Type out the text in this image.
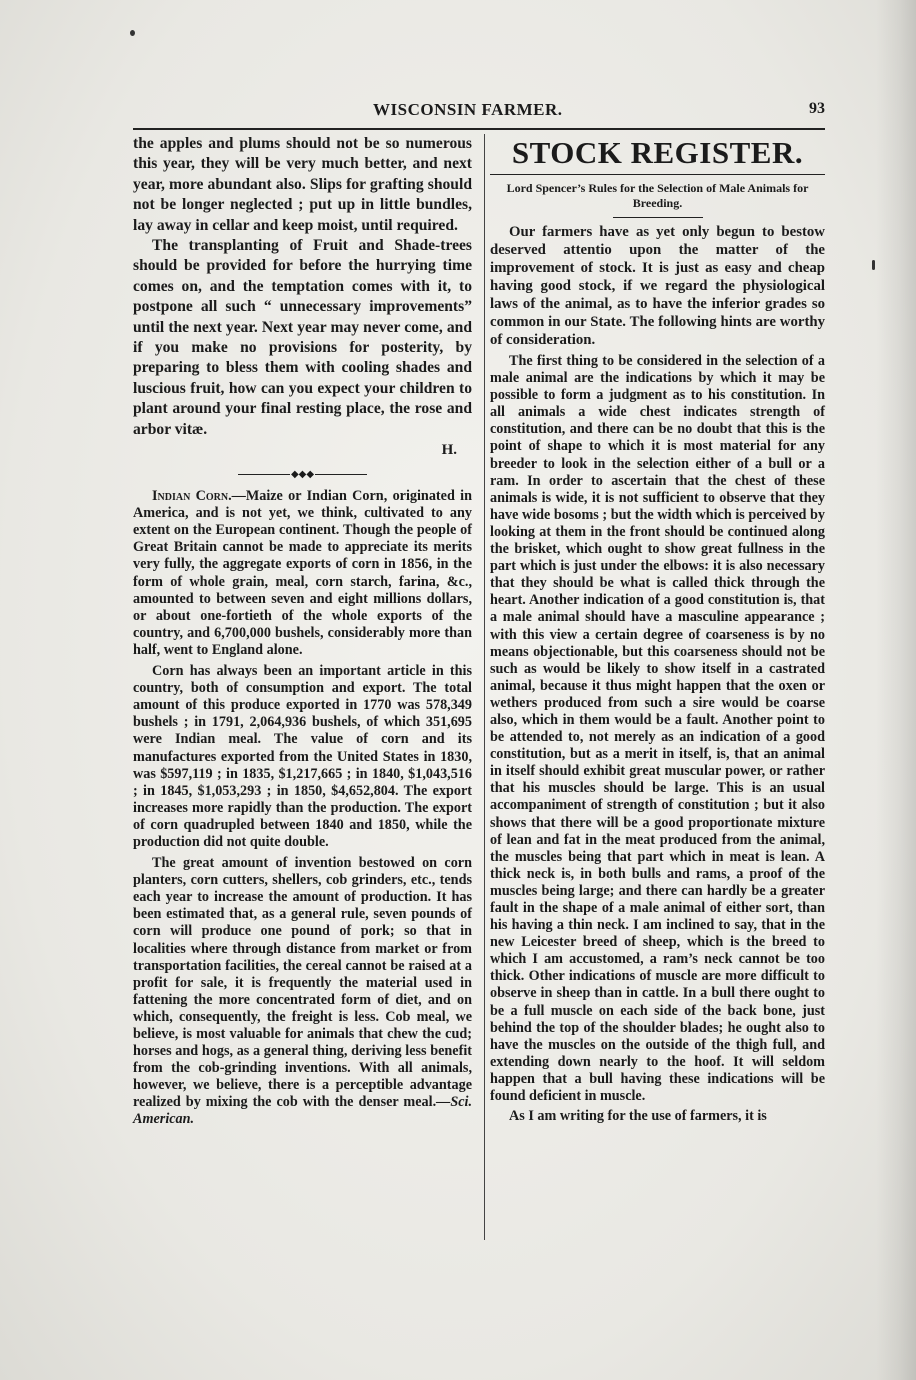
WISCONSIN FARMER.	93

the apples and plums should not be so numerous this year, they will be very much better, and next year, more abundant also. Slips for grafting should not be longer neglected ; put up in little bundles, lay away in cellar and keep moist, until required.

The transplanting of Fruit and Shade-trees should be provided for before the hurrying time comes on, and the temptation comes with it, to postpone all such “ unnecessary improvements” until the next year. Next year may never come, and if you make no provisions for posterity, by preparing to bless them with cooling shades and luscious fruit, how can you expect your children to plant around your final resting place, the rose and arbor vitæ.

H.

◆◆◆

Indian Corn.—Maize or Indian Corn, originated in America, and is not yet, we think, cultivated to any extent on the European continent. Though the people of Great Britain cannot be made to appreciate its merits very fully, the aggregate exports of corn in 1856, in the form of whole grain, meal, corn starch, farina, &c., amounted to between seven and eight millions dollars, or about one-fortieth of the whole exports of the country, and 6,700,000 bushels, considerably more than half, went to England alone.

Corn has always been an important article in this country, both of consumption and export. The total amount of this produce exported in 1770 was 578,349 bushels ; in 1791, 2,064,936 bushels, of which 351,695 were Indian meal. The value of corn and its manufactures exported from the United States in 1830, was $597,119 ; in 1835, $1,217,665 ; in 1840, $1,043,516 ; in 1845, $1,053,293 ; in 1850, $4,652,804. The export increases more rapidly than the production. The export of corn quadrupled between 1840 and 1850, while the production did not quite double.

The great amount of invention bestowed on corn planters, corn cutters, shellers, cob grinders, etc., tends each year to increase the amount of production. It has been estimated that, as a general rule, seven pounds of corn will produce one pound of pork; so that in localities where through distance from market or from transportation facilities, the cereal cannot be raised at a profit for sale, it is frequently the material used in fattening the more concentrated form of diet, and on which, consequently, the freight is less. Cob meal, we believe, is most valuable for animals that chew the cud; horses and hogs, as a general thing, deriving less benefit from the cob-grinding inventions. With all animals, however, we believe, there is a perceptible advantage realized by mixing the cob with the denser meal.—Sci. American.

STOCK REGISTER.
Lord Spencer’s Rules for the Selection of Male Animals for Breeding.

Our farmers have as yet only begun to bestow deserved attentio upon the matter of the improvement of stock. It is just as easy and cheap having good stock, if we regard the physiological laws of the animal, as to have the inferior grades so common in our State. The following hints are worthy of consideration.

The first thing to be considered in the selection of a male animal are the indications by which it may be possible to form a judgment as to his constitution. In all animals a wide chest indicates strength of constitution, and there can be no doubt that this is the point of shape to which it is most material for any breeder to look in the selection either of a bull or a ram. In order to ascertain that the chest of these animals is wide, it is not sufficient to observe that they have wide bosoms ; but the width which is perceived by looking at them in the front should be continued along the brisket, which ought to show great fullness in the part which is just under the elbows: it is also necessary that they should be what is called thick through the heart. Another indication of a good constitution is, that a male animal should have a masculine appearance ; with this view a certain degree of coarseness is by no means objectionable, but this coarseness should not be such as would be likely to show itself in a castrated animal, because it thus might happen that the oxen or wethers produced from such a sire would be coarse also, which in them would be a fault. Another point to be attended to, not merely as an indication of a good constitution, but as a merit in itself, is, that an animal in itself should exhibit great muscular power, or rather that his muscles should be large. This is an usual accompaniment of strength of constitution ; but it also shows that there will be a good proportionate mixture of lean and fat in the meat produced from the animal, the muscles being that part which in meat is lean. A thick neck is, in both bulls and rams, a proof of the muscles being large; and there can hardly be a greater fault in the shape of a male animal of either sort, than his having a thin neck. I am inclined to say, that in the new Leicester breed of sheep, which is the breed to which I am accustomed, a ram’s neck cannot be too thick. Other indications of muscle are more difficult to observe in sheep than in cattle. In a bull there ought to be a full muscle on each side of the back bone, just behind the top of the shoulder blades; he ought also to have the muscles on the outside of the thigh full, and extending down nearly to the hoof. It will seldom happen that a bull having these indications will be found deficient in muscle.

As I am writing for the use of farmers, it is
